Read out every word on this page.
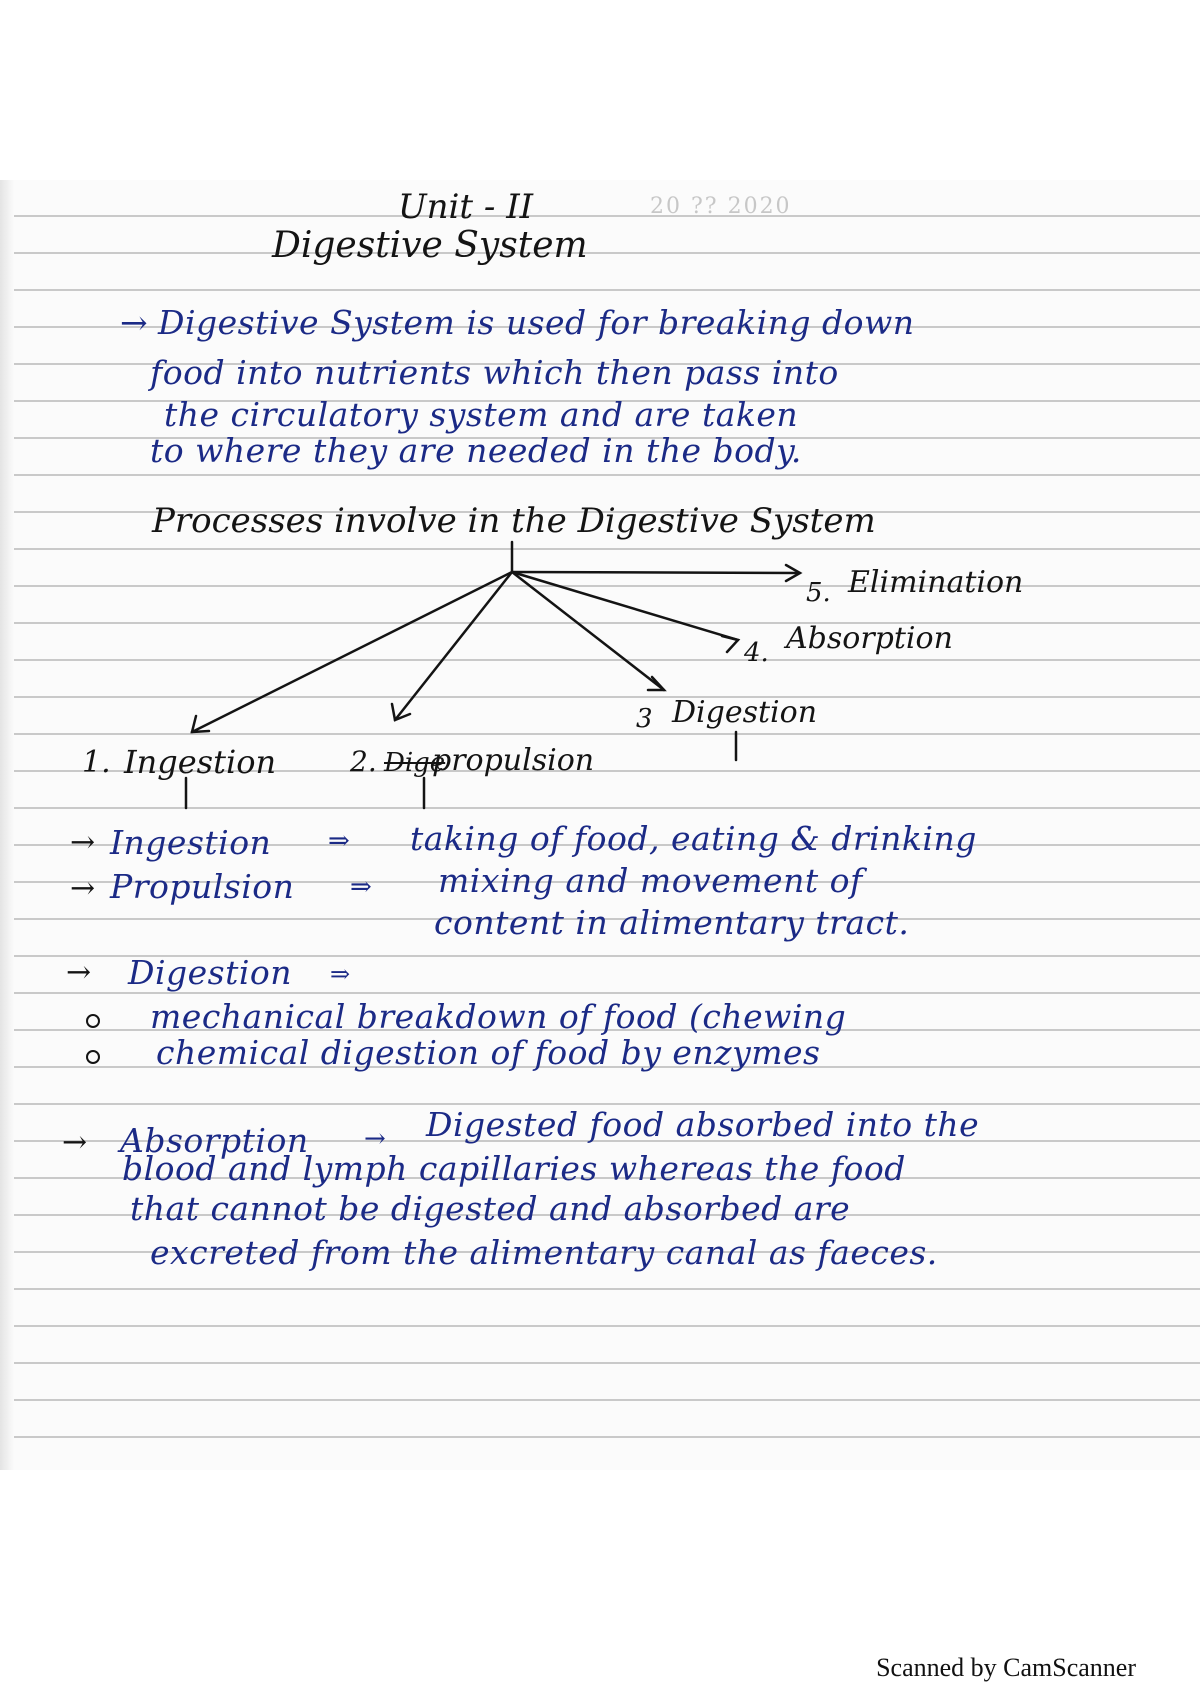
Unit - II	20 ?? 2020
Digestive System
→ Digestive System is used for breaking down
food into nutrients which then pass into
the circulatory system and are taken
to where they are needed in the body.
Processes involve in the Digestive System
5. Elimination
4. Absorption
3 Digestion
1. Ingestion	2. Dige
propulsion
→ Ingestion ⇒ taking of food, eating & drinking
→ Propulsion ⇒ mixing and movement of
content in alimentary tract.
→ Digestion ⇒
mechanical breakdown of food (chewing
chemical digestion of food by enzymes
→ Absorption → Digested food absorbed into the
blood and lymph capillaries whereas the food
that cannot be digested and absorbed are
excreted from the alimentary canal as faeces.
Scanned by CamScanner
